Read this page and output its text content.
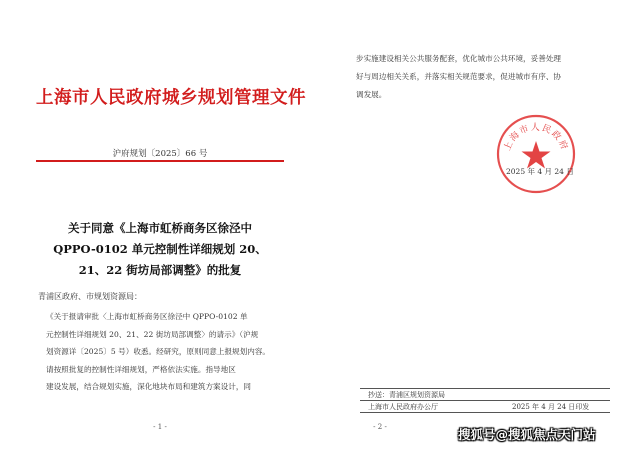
上海市人民政府城乡规划管理文件
沪府规划〔2025〕66 号
关于同意《上海市虹桥商务区徐泾中
QPPO-0102 单元控制性详细规划 20、
21、22 街坊局部调整》的批复
青浦区政府、市规划资源局：
《关于报请审批〈上海市虹桥商务区徐泾中 QPPO-0102 单
元控制性详细规划 20、21、22 街坊局部调整〉的请示》（沪规
划资源详〔2025〕5 号）收悉。经研究，原则同意上报规划内容。
请按照批复的控制性详细规划，严格依法实施。指导地区
建设发展，结合规划实施，深化地块布局和建筑方案设计，同
- 1 -
步实施建设相关公共服务配套，优化城市公共环境，妥善处理
好与周边相关关系，并落实相关规范要求，促进城市有序、协
调发展。
上海市人民政府
2025 年 4 月 24 日
抄送：青浦区规划资源局
上海市人民政府办公厅	2025 年 4 月 24 日印发
- 2 -	搜狐号@搜狐焦点天门站
